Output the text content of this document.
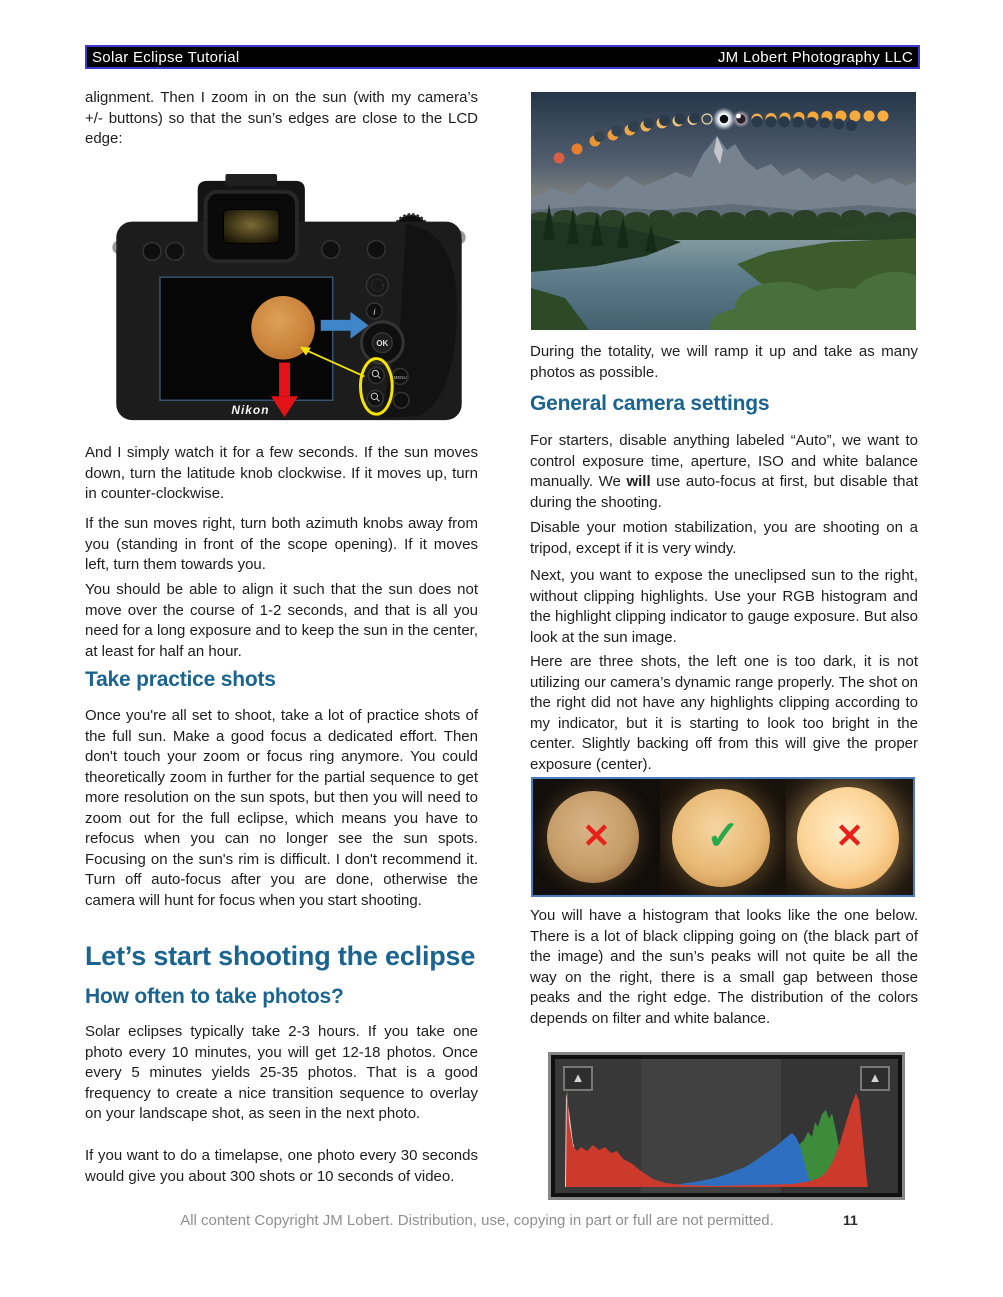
Solar Eclipse Tutorial	JM Lobert Photography LLC

alignment. Then I zoom in on the sun (with my camera’s +/- buttons) so that the sun’s edges are close to the LCD edge:

Nikon
i
OK
MENU

And I simply watch it for a few seconds. If the sun moves down, turn the latitude knob clockwise. If it moves up, turn in counter-clockwise.

If the sun moves right, turn both azimuth knobs away from you (standing in front of the scope opening). If it moves left, turn them towards you.

You should be able to align it such that the sun does not move over the course of 1-2 seconds, and that is all you need for a long exposure and to keep the sun in the center, at least for half an hour.

Take practice shots

Once you're all set to shoot, take a lot of practice shots of the full sun. Make a good focus a dedicated effort. Then don't touch your zoom or focus ring anymore. You could theoretically zoom in further for the partial sequence to get more resolution on the sun spots, but then you will need to zoom out for the full eclipse, which means you have to refocus when you can no longer see the sun spots. Focusing on the sun's rim is difficult. I don't recommend it. Turn off auto-focus after you are done, otherwise the camera will hunt for focus when you start shooting.

Let’s start shooting the eclipse
How often to take photos?

Solar eclipses typically take 2-3 hours. If you take one photo every 10 minutes, you will get 12-18 photos. Once every 5 minutes yields 25-35 photos. That is a good frequency to create a nice transition sequence to overlay on your landscape shot, as seen in the next photo.

If you want to do a timelapse, one photo every 30 seconds would give you about 300 shots or 10 seconds of video.

During the totality, we will ramp it up and take as many photos as possible.

General camera settings

For starters, disable anything labeled “Auto”, we want to control exposure time, aperture, ISO and white balance manually. We will use auto-focus at first, but disable that during the shooting.

Disable your motion stabilization, you are shooting on a tripod, except if it is very windy.

Next, you want to expose the uneclipsed sun to the right, without clipping highlights. Use your RGB histogram and the highlight clipping indicator to gauge exposure. But also look at the sun image.

Here are three shots, the left one is too dark, it is not utilizing our camera’s dynamic range properly. The shot on the right did not have any highlights clipping according to my indicator, but it is starting to look too bright in the center. Slightly backing off from this will give the proper exposure (center).

✕ ✓	✕

You will have a histogram that looks like the one below. There is a lot of black clipping going on (the black part of the image) and the sun’s peaks will not quite be all the way on the right, there is a small gap between those peaks and the right edge. The distribution of the colors depends on filter and white balance.

▲	▲
All content Copyright JM Lobert. Distribution, use, copying in part or full are not permitted.	11
